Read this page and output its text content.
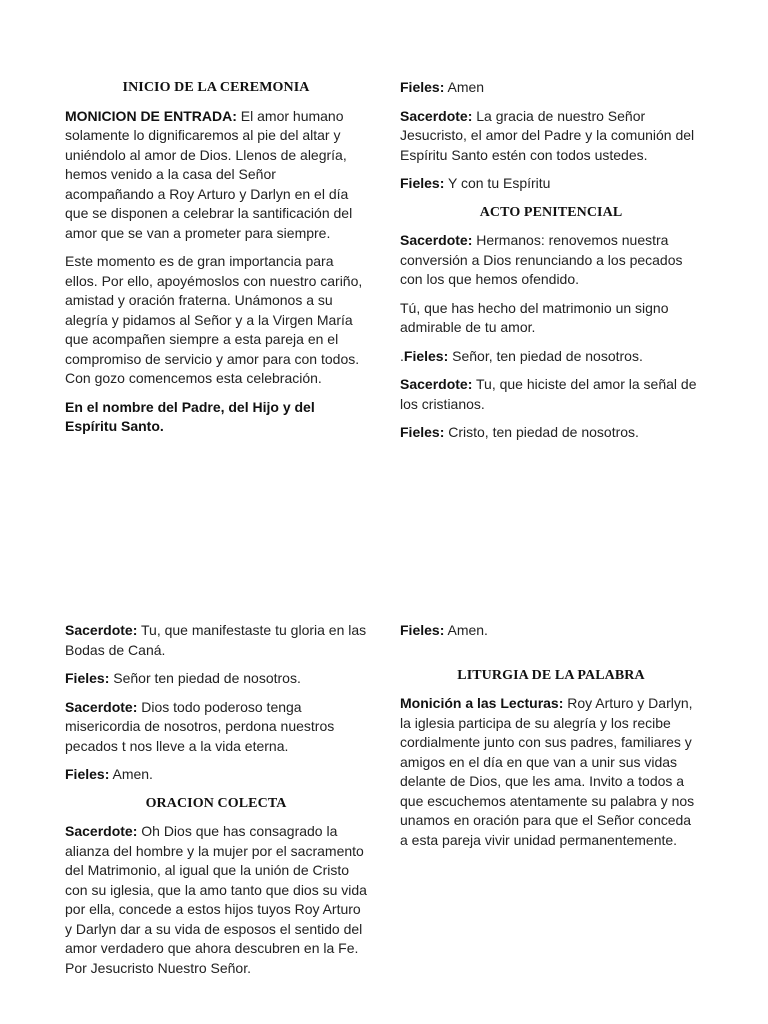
INICIO DE LA CEREMONIA

MONICION DE ENTRADA: El amor humano solamente lo dignificaremos al pie del altar y uniéndolo al amor de Dios. Llenos de alegría, hemos venido a la casa del Señor acompañando a Roy Arturo y Darlyn en el día que se disponen a celebrar la santificación del amor que se van a prometer para siempre.

Este momento es de gran importancia para ellos. Por ello, apoyémoslos con nuestro cariño, amistad y oración fraterna. Unámonos a su alegría y pidamos al Señor y a la Virgen María que acompañen siempre a esta pareja en el compromiso de servicio y amor para con todos. Con gozo comencemos esta celebración.

En el nombre del Padre, del Hijo y del Espíritu Santo.

Fieles: Amen

Sacerdote: La gracia de nuestro Señor Jesucristo, el amor del Padre y la comunión del Espíritu Santo estén con todos ustedes.

Fieles: Y con tu Espíritu

ACTO PENITENCIAL

Sacerdote: Hermanos: renovemos nuestra conversión a Dios renunciando a los pecados con los que hemos ofendido.

Tú, que has hecho del matrimonio un signo admirable de tu amor.

.Fieles: Señor, ten piedad de nosotros.

Sacerdote: Tu, que hiciste del amor la señal de los cristianos.

Fieles: Cristo, ten piedad de nosotros.

Sacerdote: Tu, que manifestaste tu gloria en las Bodas de Caná.

Fieles: Señor ten piedad de nosotros.

Sacerdote: Dios todo poderoso tenga misericordia de nosotros, perdona nuestros pecados t nos lleve a la vida eterna.

Fieles: Amen.

ORACION COLECTA

Sacerdote: Oh Dios que has consagrado la alianza del hombre y la mujer por el sacramento del Matrimonio, al igual que la unión de Cristo con su iglesia, que la amo tanto que dios su vida por ella, concede a estos hijos tuyos Roy Arturo y Darlyn dar a su vida de esposos el sentido del amor verdadero que ahora descubren en la Fe. Por Jesucristo Nuestro Señor.

Fieles: Amen.

LITURGIA DE LA PALABRA

Monición a las Lecturas: Roy Arturo y Darlyn, la iglesia participa de su alegría y los recibe cordialmente junto con sus padres, familiares y amigos en el día en que van a unir sus vidas delante de Dios, que les ama. Invito a todos a que escuchemos atentamente su palabra y nos unamos en oración para que el Señor conceda a esta pareja vivir unidad permanentemente.
